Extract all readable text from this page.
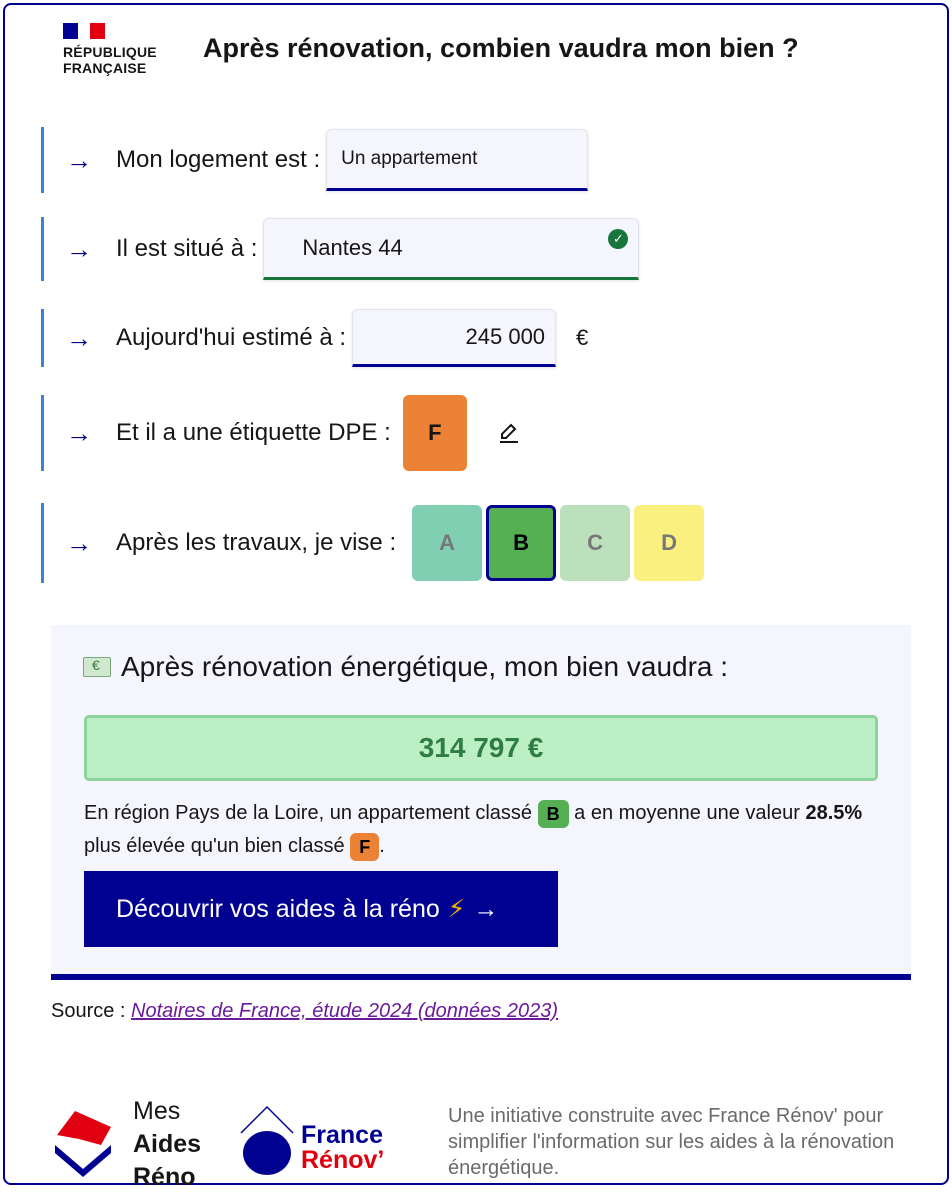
RÉPUBLIQUE
FRANÇAISE
Après rénovation, combien vaudra mon bien ?
→	Mon logement est : Un appartement
→	Il est situé à : Nantes 44	✓
→	Aujourd'hui estimé à :	245 000 €
→	Et il a une étiquette DPE : F
→	Après les travaux, je vise : A	B	C	D
€
Après rénovation énergétique, mon bien vaudra :
314 797 €
En région Pays de la Loire, un appartement classé B a en moyenne une valeur 28.5% plus élevée qu'un bien classé F .
Découvrir vos aides à la réno ⚡ →
Source : Notaires de France, étude 2024 (données 2023)
Mes
Aides
Réno
France
Rénov’
Une initiative construite avec France Rénov' pour simplifier l'information sur les aides à la rénovation énergétique.
